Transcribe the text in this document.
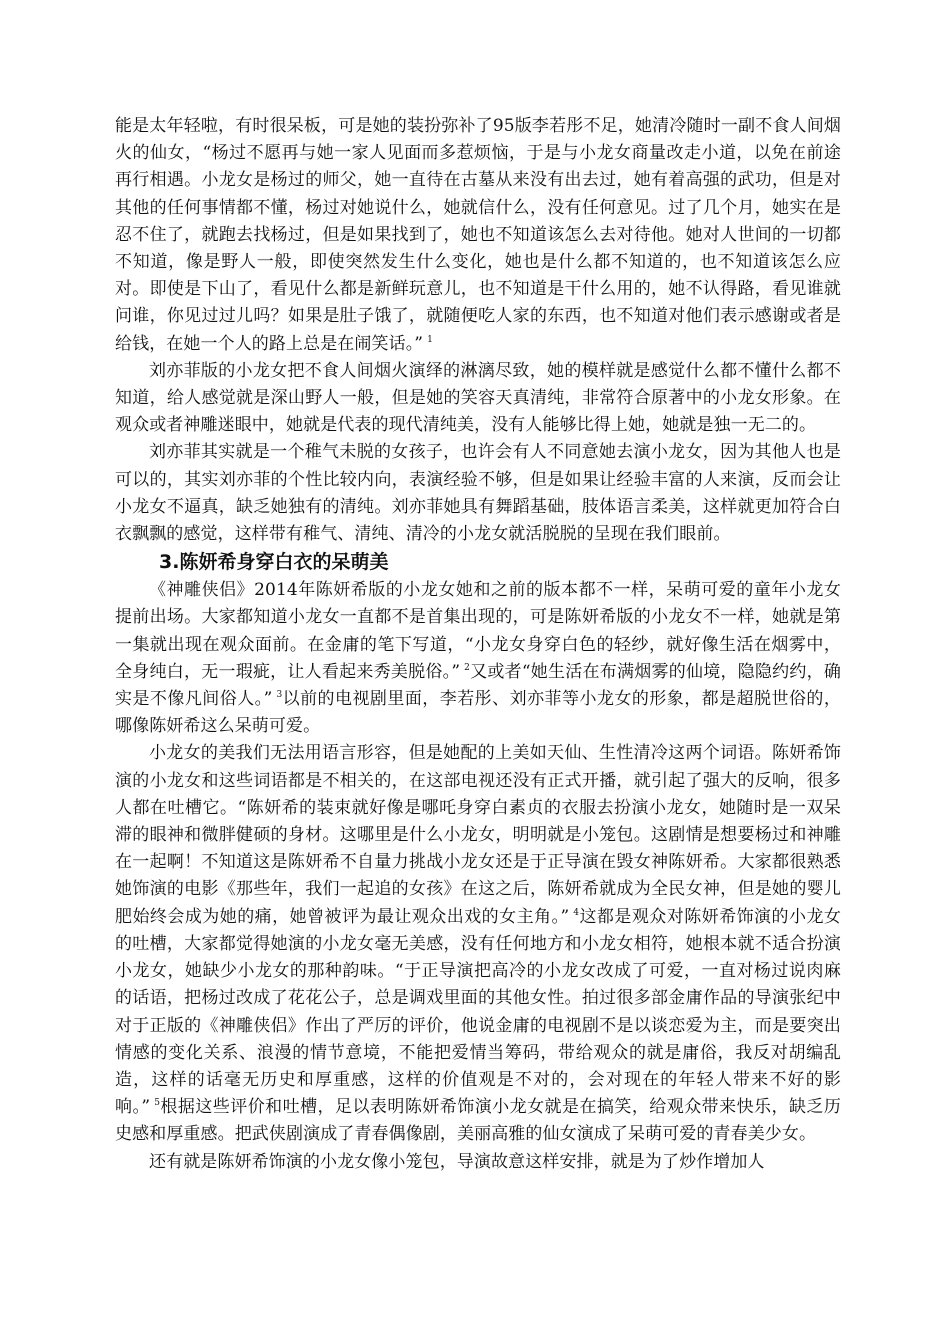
能是太年轻啦，有时很呆板，可是她的装扮弥补了95版李若彤不足，她清冷随时一副不食人间烟火的仙女，“杨过不愿再与她一家人见面而多惹烦恼，于是与小龙女商量改走小道，以免在前途再行相遇。小龙女是杨过的师父，她一直待在古墓从来没有出去过，她有着高强的武功，但是对其他的任何事情都不懂，杨过对她说什么，她就信什么，没有任何意见。过了几个月，她实在是忍不住了，就跑去找杨过，但是如果找到了，她也不知道该怎么去对待他。她对人世间的一切都不知道，像是野人一般，即使突然发生什么变化，她也是什么都不知道的，也不知道该怎么应对。即使是下山了，看见什么都是新鲜玩意儿，也不知道是干什么用的，她不认得路，看见谁就问谁，你见过过儿吗？如果是肚子饿了，就随便吃人家的东西，也不知道对他们表示感谢或者是给钱，在她一个人的路上总是在闹笑话。” $^1$

刘亦菲版的小龙女把不食人间烟火演绎的淋漓尽致，她的模样就是感觉什么都不懂什么都不知道，给人感觉就是深山野人一般，但是她的笑容天真清纯，非常符合原著中的小龙女形象。在观众或者神雕迷眼中，她就是代表的现代清纯美，没有人能够比得上她，她就是独一无二的。

刘亦菲其实就是一个稚气未脱的女孩子，也许会有人不同意她去演小龙女，因为其他人也是可以的，其实刘亦菲的个性比较内向，表演经验不够，但是如果让经验丰富的人来演，反而会让小龙女不逼真，缺乏她独有的清纯。刘亦菲她具有舞蹈基础，肢体语言柔美，这样就更加符合白衣飘飘的感觉，这样带有稚气、清纯、清冷的小龙女就活脱脱的呈现在我们眼前。

3.陈妍希身穿白衣的呆萌美

《神雕侠侣》2014年陈妍希版的小龙女她和之前的版本都不一样，呆萌可爱的童年小龙女提前出场。大家都知道小龙女一直都不是首集出现的，可是陈妍希版的小龙女不一样，她就是第一集就出现在观众面前。在金庸的笔下写道，“小龙女身穿白色的轻纱，就好像生活在烟雾中，全身纯白，无一瑕疵，让人看起来秀美脱俗。” $^2$又或者“她生活在布满烟雾的仙境，隐隐约约，确实是不像凡间俗人。” $^3$以前的电视剧里面，李若彤、刘亦菲等小龙女的形象，都是超脱世俗的，哪像陈妍希这么呆萌可爱。

小龙女的美我们无法用语言形容，但是她配的上美如天仙、生性清冷这两个词语。陈妍希饰演的小龙女和这些词语都是不相关的，在这部电视还没有正式开播，就引起了强大的反响，很多人都在吐槽它。“陈妍希的装束就好像是哪吒身穿白素贞的衣服去扮演小龙女，她随时是一双呆滞的眼神和微胖健硕的身材。这哪里是什么小龙女，明明就是小笼包。这剧情是想要杨过和神雕在一起啊！不知道这是陈妍希不自量力挑战小龙女还是于正导演在毁女神陈妍希。大家都很熟悉她饰演的电影《那些年，我们一起追的女孩》在这之后，陈妍希就成为全民女神，但是她的婴儿肥始终会成为她的痛，她曾被评为最让观众出戏的女主角。” $^4$这都是观众对陈妍希饰演的小龙女的吐槽，大家都觉得她演的小龙女毫无美感，没有任何地方和小龙女相符，她根本就不适合扮演小龙女，她缺少小龙女的那种韵味。“于正导演把高冷的小龙女改成了可爱，一直对杨过说肉麻的话语，把杨过改成了花花公子，总是调戏里面的其他女性。拍过很多部金庸作品的导演张纪中对于正版的《神雕侠侣》作出了严厉的评价，他说金庸的电视剧不是以谈恋爱为主，而是要突出情感的变化关系、浪漫的情节意境，不能把爱情当筹码，带给观众的就是庸俗，我反对胡编乱造，这样的话毫无历史和厚重感，这样的价值观是不对的，会对现在的年轻人带来不好的影响。” $^5$根据这些评价和吐槽，足以表明陈妍希饰演小龙女就是在搞笑，给观众带来快乐，缺乏历史感和厚重感。把武侠剧演成了青春偶像剧，美丽高雅的仙女演成了呆萌可爱的青春美少女。

还有就是陈妍希饰演的小龙女像小笼包，导演故意这样安排，就是为了炒作增加人
